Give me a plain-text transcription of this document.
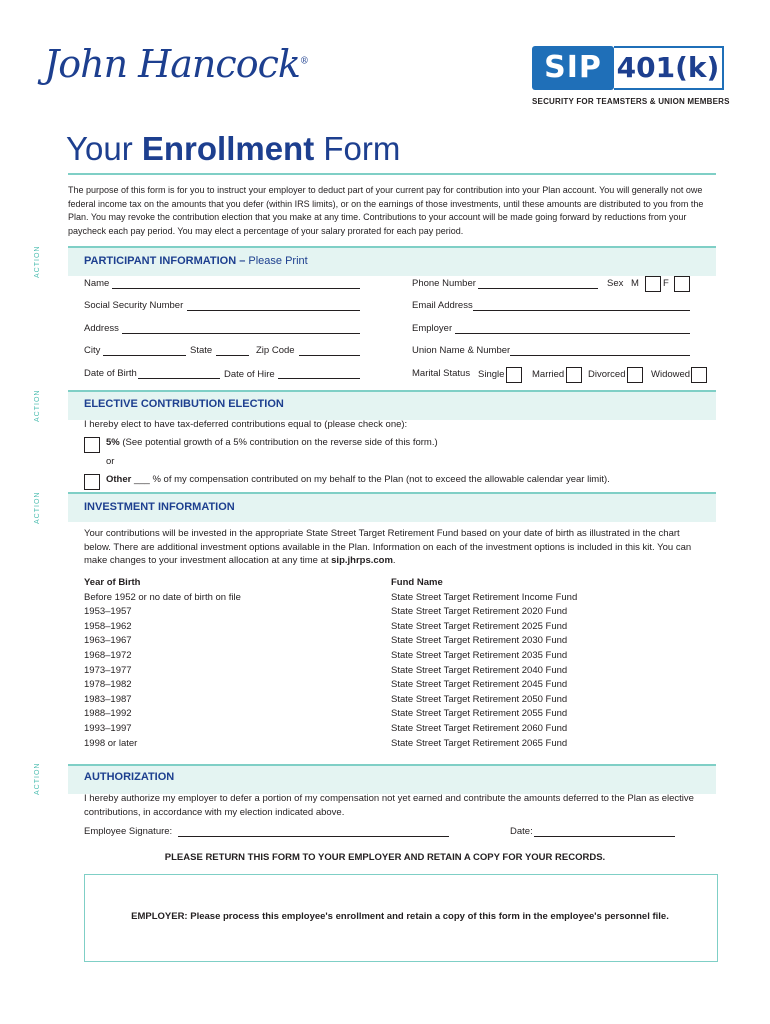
John Hancock®	SIP 401(k)
SECURITY FOR TEAMSTERS & UNION MEMBERS
Your Enrollment Form
The purpose of this form is for you to instruct your employer to deduct part of your current pay for contribution into your Plan account. You will generally not owe federal income tax on the amounts that you defer (within IRS limits), or on the earnings of those investments, until these amounts are distributed to you from the Plan. You may revoke the contribution election that you make at any time. Contributions to your account will be made going forward by reductions from your paycheck each pay period. You may elect a percentage of your salary prorated for each pay period.
ACTION	PARTICIPANT INFORMATION – Please Print
Name	Phone Number	Sex M	F
Social Security Number	Email Address
Address	Employer
City	State	Zip Code	Union Name & Number
Date of Birth	Date of Hire	Marital Status Single	Married	Divorced	Widowed
ACTION	ELECTIVE CONTRIBUTION ELECTION
I hereby elect to have tax-deferred contributions equal to (please check one):
5% (See potential growth of a 5% contribution on the reverse side of this form.)
or
Other ___ % of my compensation contributed on my behalf to the Plan (not to exceed the allowable calendar year limit).
ACTION	INVESTMENT INFORMATION
Your contributions will be invested in the appropriate State Street Target Retirement Fund based on your date of birth as illustrated in the chart below. There are additional investment options available in the Plan. Information on each of the investment options is included in this kit. You can make changes to your investment allocation at any time at sip.jhrps.com.
Year of Birth	Fund Name
Before 1952 or no date of birth on file	State Street Target Retirement Income Fund
1953–1957	State Street Target Retirement 2020 Fund
1958–1962	State Street Target Retirement 2025 Fund
1963–1967	State Street Target Retirement 2030 Fund
1968–1972	State Street Target Retirement 2035 Fund
1973–1977	State Street Target Retirement 2040 Fund
1978–1982	State Street Target Retirement 2045 Fund
1983–1987	State Street Target Retirement 2050 Fund
1988–1992	State Street Target Retirement 2055 Fund
1993–1997	State Street Target Retirement 2060 Fund
1998 or later	State Street Target Retirement 2065 Fund
ACTION	AUTHORIZATION
I hereby authorize my employer to defer a portion of my compensation not yet earned and contribute the amounts deferred to the Plan as elective contributions, in accordance with my election indicated above.
Employee Signature:	Date:
PLEASE RETURN THIS FORM TO YOUR EMPLOYER AND RETAIN A COPY FOR YOUR RECORDS.
EMPLOYER: Please process this employee's enrollment and retain a copy of this form in the employee's personnel file.
